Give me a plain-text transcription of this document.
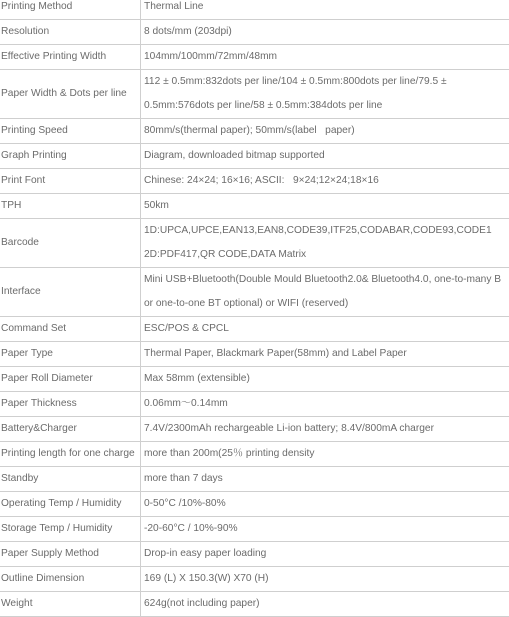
Printing Method	Thermal Line

Resolution	8 dots/mm (203dpi)

Effective Printing Width	104mm/100mm/72mm/48mm

Paper Width & Dots per line	112 ± 0.5mm:832dots per line/104 ± 0.5mm:800dots per line/79.5 ±
0.5mm:576dots per line/58 ± 0.5mm:384dots per line

Printing Speed	80mm/s(thermal paper); 50mm/s(label   paper)

Graph Printing	Diagram, downloaded bitmap supported

Print Font	Chinese: 24×24; 16×16; ASCII:   9×24;12×24;18×16

TPH	50km

Barcode	1D:UPCA,UPCE,EAN13,EAN8,CODE39,ITF25,CODABAR,CODE93,CODE1
2D:PDF417,QR CODE,DATA Matrix

Interface	Mini USB+Bluetooth(Double Mould Bluetooth2.0& Bluetooth4.0, one-to-many B
or one-to-one BT optional) or WIFI (reserved)

Command Set	ESC/POS & CPCL

Paper Type	Thermal Paper, Blackmark Paper(58mm) and Label Paper

Paper Roll Diameter	Max 58mm (extensible)

Paper Thickness	0.06mm～0.14mm

Battery&Charger	7.4V/2300mAh rechargeable Li-ion battery; 8.4V/800mA charger

Printing length for one charge	more than 200m(25％ printing density

Standby	more than 7 days

Operating Temp / Humidity	0-50°C /10%-80%

Storage Temp / Humidity	-20-60°C / 10%-90%

Paper Supply Method	Drop-in easy paper loading

Outline Dimension	169 (L) X 150.3(W) X70 (H)

Weight	624g(not including paper)
